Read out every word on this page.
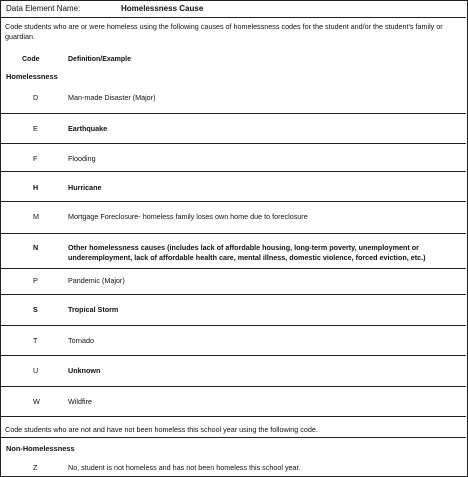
Data Element Name:	Homelessness Cause
Code students who are or were homeless using the following causes of homelessness codes for the student and/or the student's family or guardian.
Code	Definition/Example
Homelessness
D	Man-made Disaster (Major)
E	Earthquake
F	Flooding
H	Hurricane
M	Mortgage Foreclosure- homeless family loses own home due to foreclosure
N	Other homelessness causes (includes lack of affordable housing, long-term poverty, unemployment or underemployment, lack of affordable health care, mental illness, domestic violence, forced eviction, etc.)
P	Pandemic (Major)
S	Tropical Storm
T	Tornado
U	Unknown
W	Wildfire
Code students who are not and have not been homeless this school year using the following code.
Non-Homelessness
Z	No, student is not homeless and has not been homeless this school year.
